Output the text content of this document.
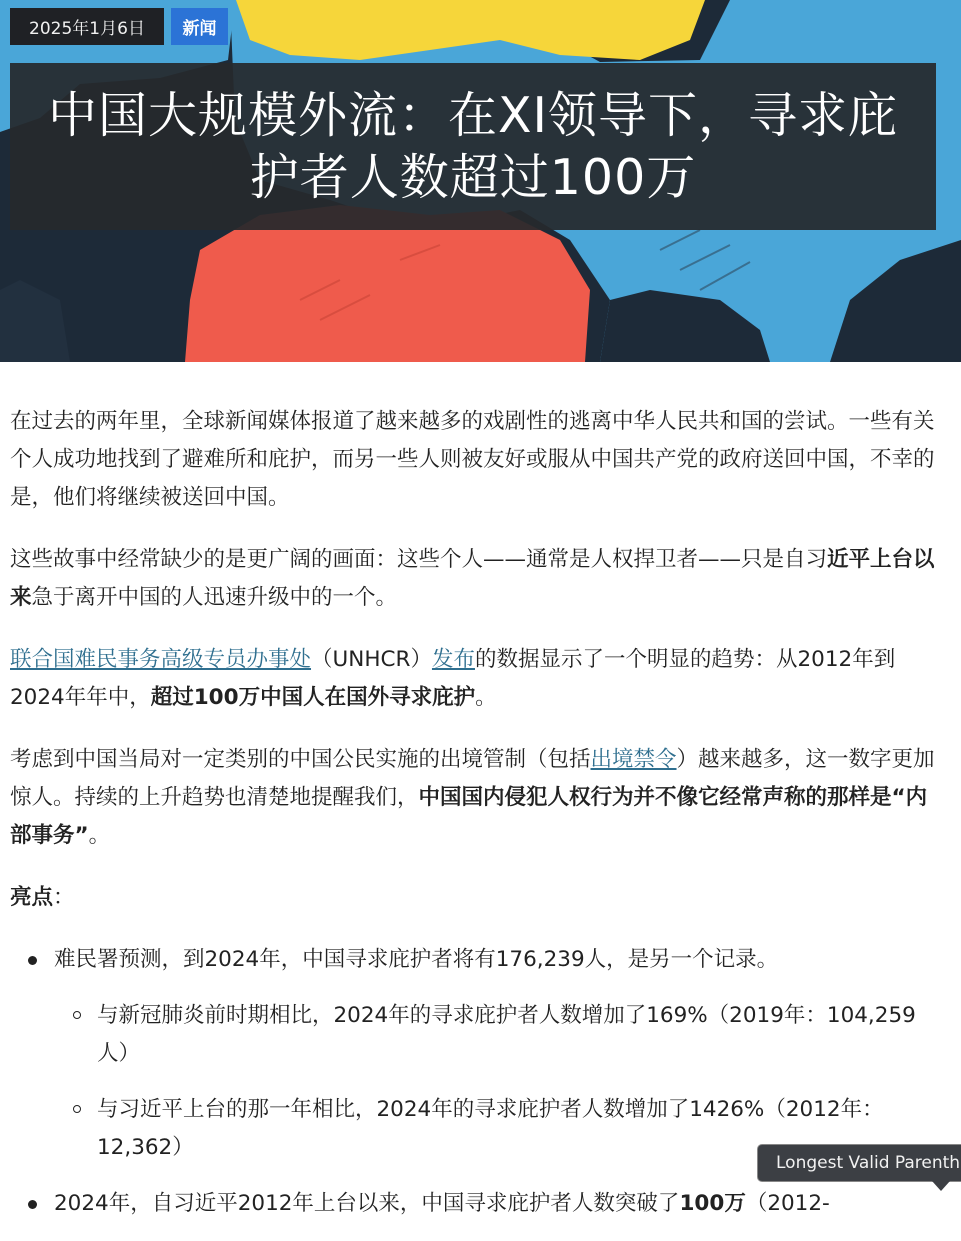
2025年1月6日	新闻
中国大规模外流：在XI领导下，寻求庇护者人数超过100万

在过去的两年里，全球新闻媒体报道了越来越多的戏剧性的逃离中华人民共和国的尝试。一些有关个人成功地找到了避难所和庇护，而另一些人则被友好或服从中国共产党的政府送回中国，不幸的是，他们将继续被送回中国。

这些故事中经常缺少的是更广阔的画面：这些个人——通常是人权捍卫者——只是自习近平上台以来急于离开中国的人迅速升级中的一个。

联合国难民事务高级专员办事处（UNHCR）发布的数据显示了一个明显的趋势：从2012年到2024年年中，超过100万中国人在国外寻求庇护。

考虑到中国当局对一定类别的中国公民实施的出境管制（包括出境禁令）越来越多，这一数字更加惊人。持续的上升趋势也清楚地提醒我们，中国国内侵犯人权行为并不像它经常声称的那样是“内部事务”。

亮点：

难民署预测，到2024年，中国寻求庇护者将有176,239人，是另一个记录。
与新冠肺炎前时期相比，2024年的寻求庇护者人数增加了169%（2019年：104,259人）
与习近平上台的那一年相比，2024年的寻求庇护者人数增加了1426%（2012年：12,362）
2024年，自习近平2012年上台以来，中国寻求庇护者人数突破了100万（2012-
Longest Valid Parenth
